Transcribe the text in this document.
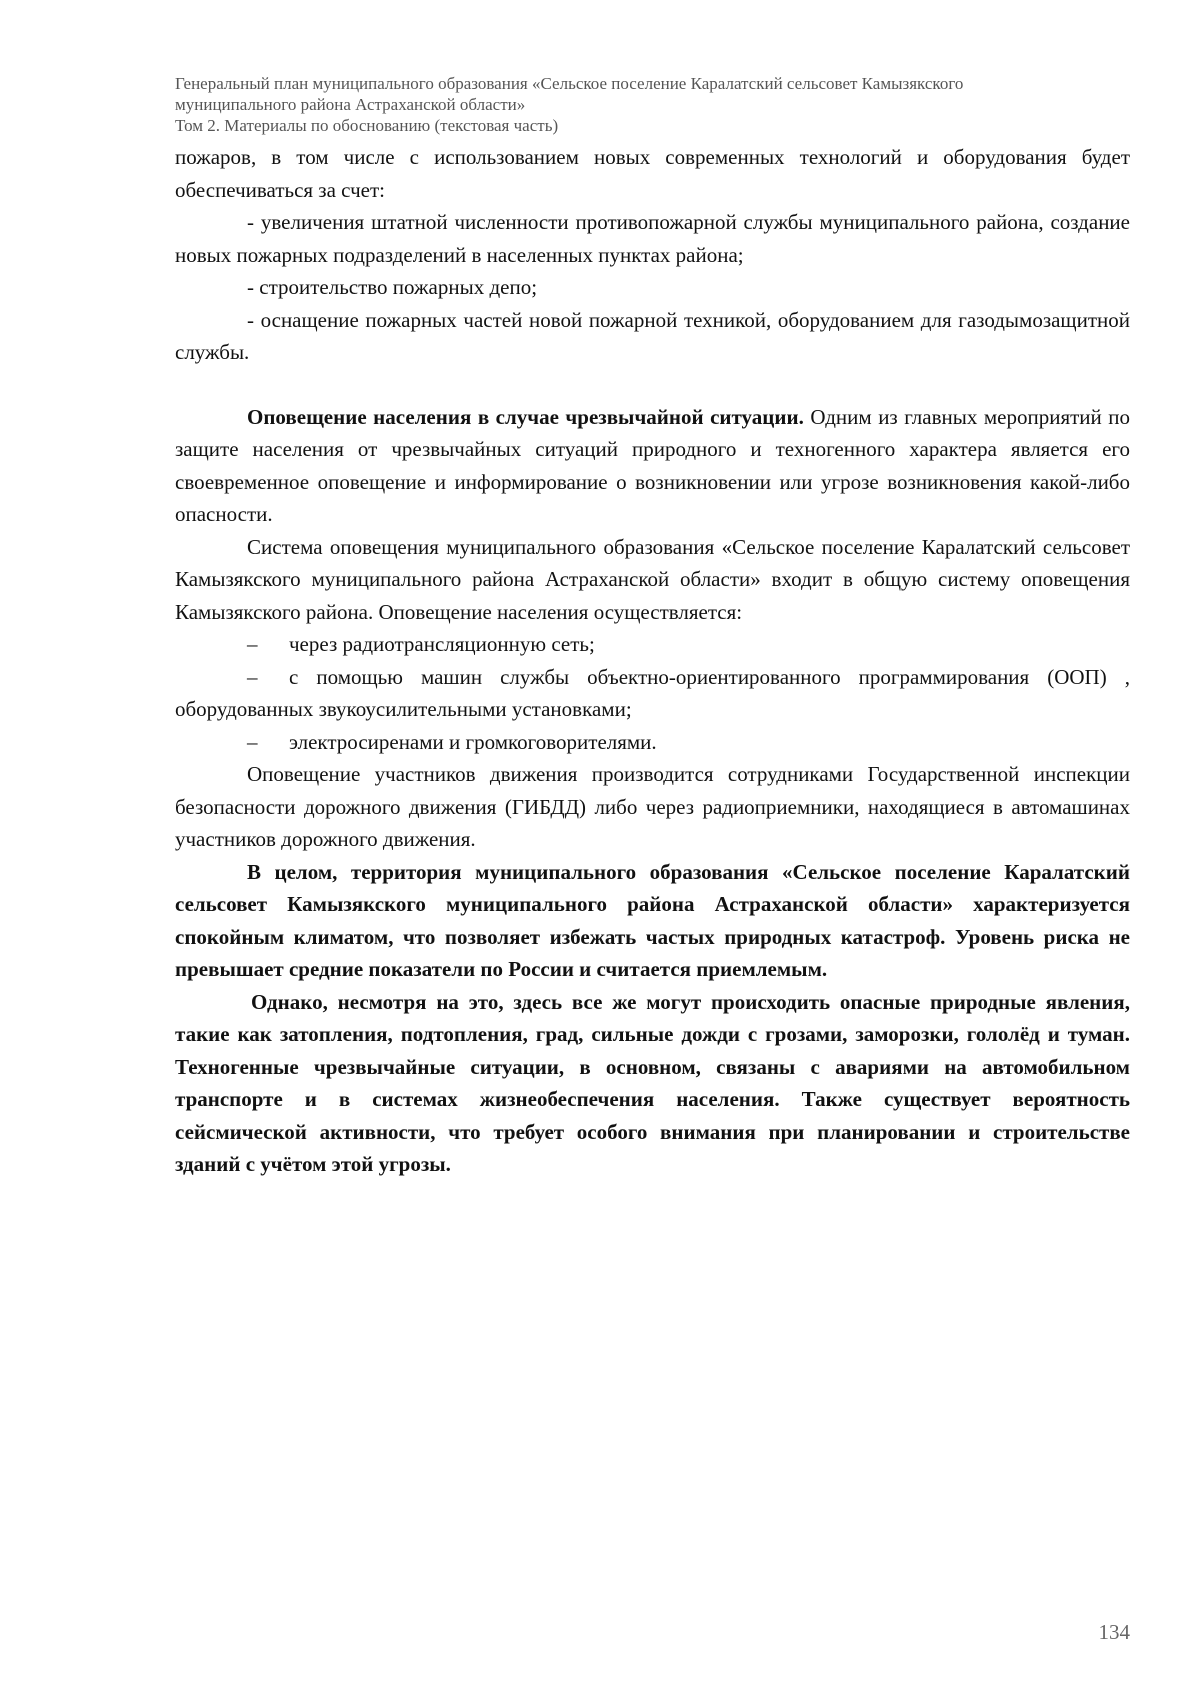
Генеральный план муниципального образования «Сельское поселение Каралатский сельсовет Камызякского

муниципального района Астраханской области»

Том 2. Материалы по обоснованию (текстовая часть)

пожаров, в том числе с использованием новых современных технологий и оборудования будет обеспечиваться за счет:

- увеличения штатной численности противопожарной службы муниципального района, создание новых пожарных подразделений в населенных пунктах района;

- строительство пожарных депо;

- оснащение пожарных частей новой пожарной техникой, оборудованием для газодымозащитной службы.

Оповещение населения в случае чрезвычайной ситуации. Одним из главных мероприятий по защите населения от чрезвычайных ситуаций природного и техногенного характера является его своевременное оповещение и информирование о возникновении или угрозе возникновения какой-либо опасности.

Система оповещения муниципального образования «Сельское поселение Каралатский сельсовет Камызякского муниципального района Астраханской области» входит в общую систему оповещения Камызякского района. Оповещение населения осуществляется:

– через радиотрансляционную сеть;

– с помощью машин службы объектно-ориентированного программирования (ООП) , оборудованных звукоусилительными установками;

– электросиренами и громкоговорителями.

Оповещение участников движения производится сотрудниками Государственной инспекции безопасности дорожного движения (ГИБДД) либо через радиоприемники, находящиеся в автомашинах участников дорожного движения.

В целом, территория муниципального образования «Сельское поселение Каралатский сельсовет Камызякского муниципального района Астраханской области» характеризуется спокойным климатом, что позволяет избежать частых природных катастроф. Уровень риска не превышает средние показатели по России и считается приемлемым.

Однако, несмотря на это, здесь все же могут происходить опасные природные явления, такие как затопления, подтопления, град, сильные дожди с грозами, заморозки, гололёд и туман. Техногенные чрезвычайные ситуации, в основном, связаны с авариями на автомобильном транспорте и в системах жизнеобеспечения населения. Также существует вероятность сейсмической активности, что требует особого внимания при планировании и строительстве зданий с учётом этой угрозы.

134
